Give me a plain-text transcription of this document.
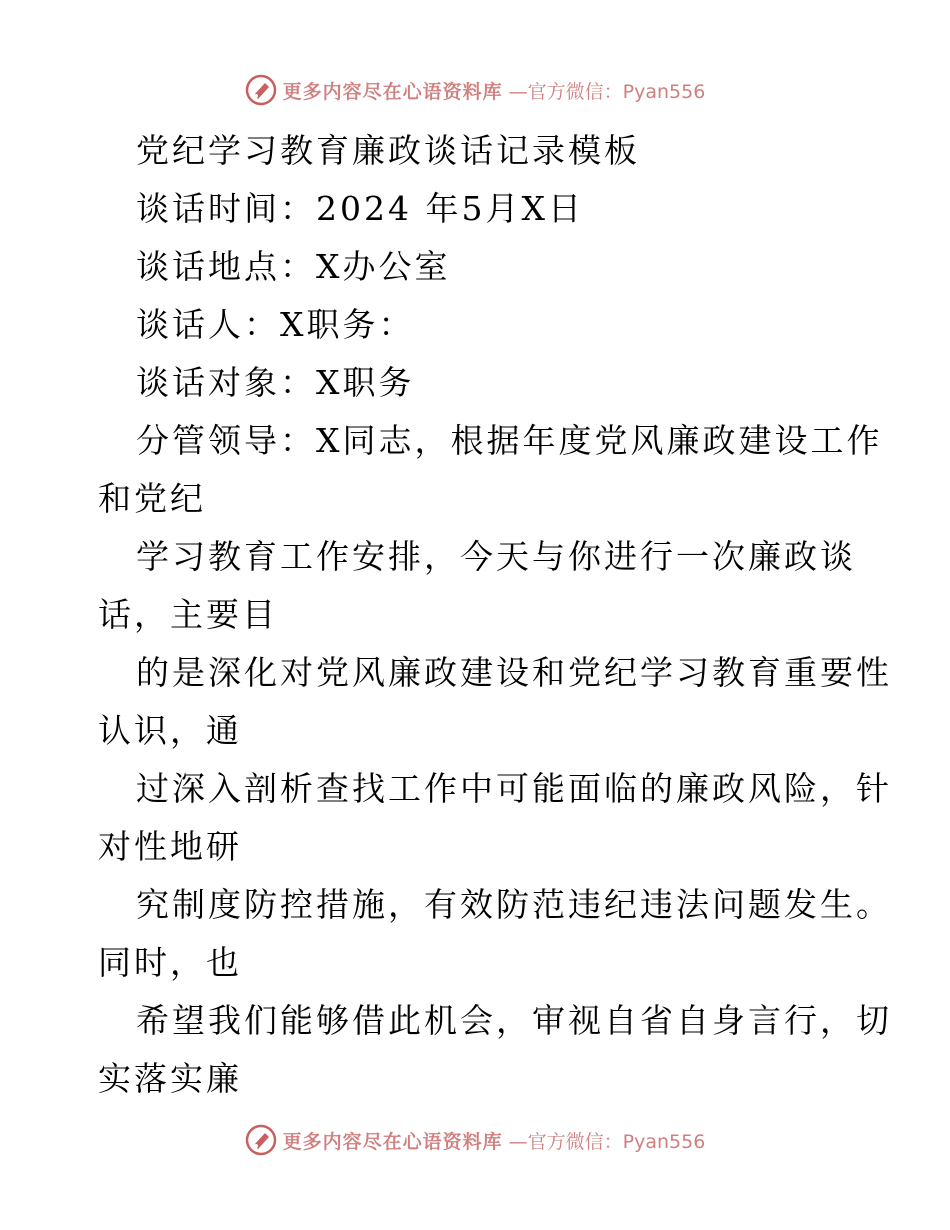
更多内容尽在心语资料库 —官方微信：Pyan556
党纪学习教育廉政谈话记录模板
谈话时间：2024 年5月X日
谈话地点：X办公室
谈话人：X职务：
谈话对象：X职务
分管领导：X同志，根据年度党风廉政建设工作
和党纪
学习教育工作安排，今天与你进行一次廉政谈
话，主要目
的是深化对党风廉政建设和党纪学习教育重要性
认识，通
过深入剖析查找工作中可能面临的廉政风险，针
对性地研
究制度防控措施，有效防范违纪违法问题发生。
同时，也
希望我们能够借此机会，审视自省自身言行，切
实落实廉
更多内容尽在心语资料库 —官方微信：Pyan556
